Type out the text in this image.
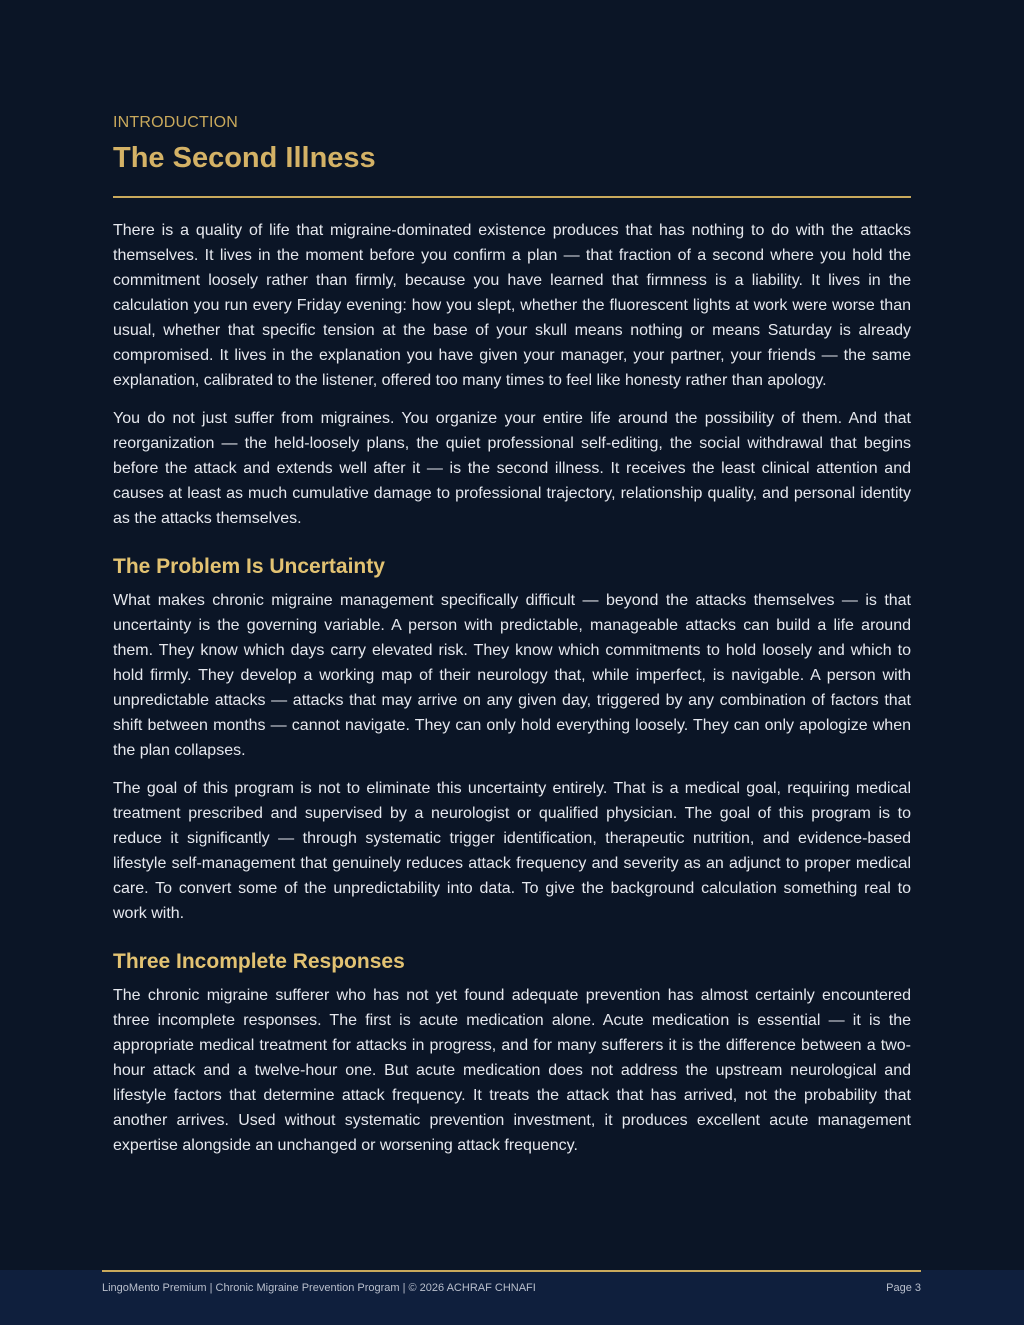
INTRODUCTION
The Second Illness

There is a quality of life that migraine-dominated existence produces that has nothing to do with the attacks themselves. It lives in the moment before you confirm a plan — that fraction of a second where you hold the commitment loosely rather than firmly, because you have learned that firmness is a liability. It lives in the calculation you run every Friday evening: how you slept, whether the fluorescent lights at work were worse than usual, whether that specific tension at the base of your skull means nothing or means Saturday is already compromised. It lives in the explanation you have given your manager, your partner, your friends — the same explanation, calibrated to the listener, offered too many times to feel like honesty rather than apology.

You do not just suffer from migraines. You organize your entire life around the possibility of them. And that reorganization — the held-loosely plans, the quiet professional self-editing, the social withdrawal that begins before the attack and extends well after it — is the second illness. It receives the least clinical attention and causes at least as much cumulative damage to professional trajectory, relationship quality, and personal identity as the attacks themselves.

The Problem Is Uncertainty

What makes chronic migraine management specifically difficult — beyond the attacks themselves — is that uncertainty is the governing variable. A person with predictable, manageable attacks can build a life around them. They know which days carry elevated risk. They know which commitments to hold loosely and which to hold firmly. They develop a working map of their neurology that, while imperfect, is navigable. A person with unpredictable attacks — attacks that may arrive on any given day, triggered by any combination of factors that shift between months — cannot navigate. They can only hold everything loosely. They can only apologize when the plan collapses.

The goal of this program is not to eliminate this uncertainty entirely. That is a medical goal, requiring medical treatment prescribed and supervised by a neurologist or qualified physician. The goal of this program is to reduce it significantly — through systematic trigger identification, therapeutic nutrition, and evidence-based lifestyle self-management that genuinely reduces attack frequency and severity as an adjunct to proper medical care. To convert some of the unpredictability into data. To give the background calculation something real to work with.

Three Incomplete Responses

The chronic migraine sufferer who has not yet found adequate prevention has almost certainly encountered three incomplete responses. The first is acute medication alone. Acute medication is essential — it is the appropriate medical treatment for attacks in progress, and for many sufferers it is the difference between a two-hour attack and a twelve-hour one. But acute medication does not address the upstream neurological and lifestyle factors that determine attack frequency. It treats the attack that has arrived, not the probability that another arrives. Used without systematic prevention investment, it produces excellent acute management expertise alongside an unchanged or worsening attack frequency.

LingoMento Premium | Chronic Migraine Prevention Program | © 2026 ACHRAF CHNAFI	Page 3
